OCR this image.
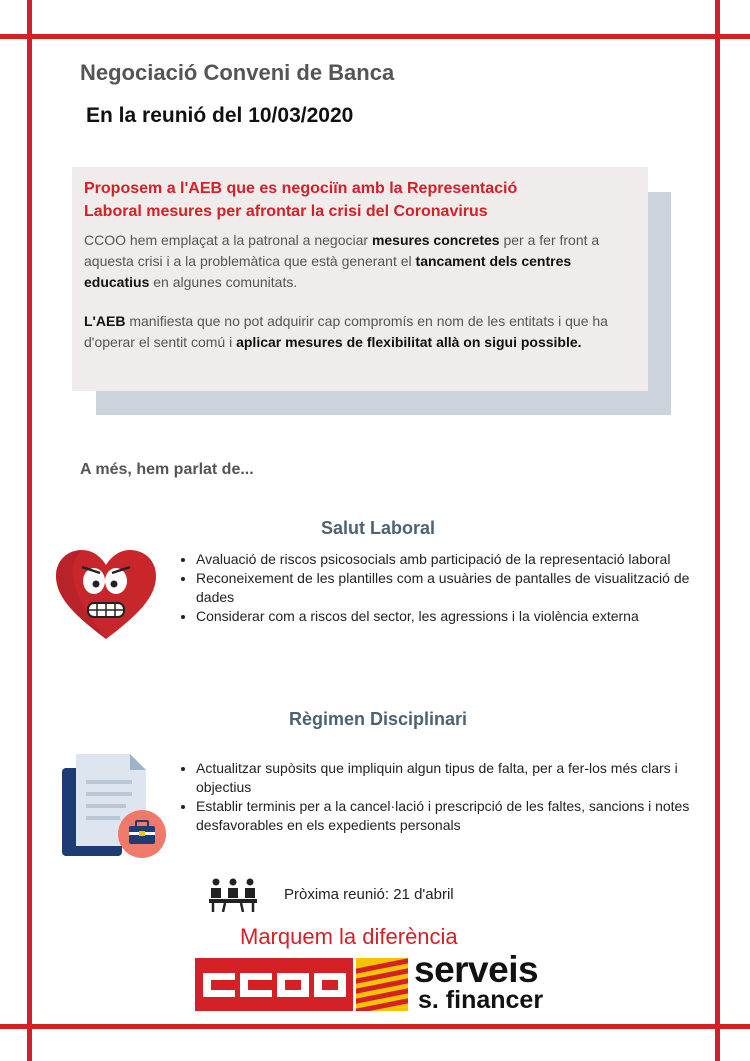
Negociació Conveni de Banca
En la reunió del 10/03/2020

Proposem a l'AEB que es negociïn amb la Representació
Laboral mesures per afrontar la crisi del Coronavirus

CCOO hem emplaçat a la patronal a negociar mesures concretes per a fer front a aquesta crisi i a la problemàtica que està generant el tancament dels centres educatius en algunes comunitats.

L'AEB manifiesta que no pot adquirir cap compromís en nom de les entitats i que ha d'operar el sentit comú i aplicar mesures de flexibilitat allà on sigui possible.

A més, hem parlat de...

Salut Laboral
• Avaluació de riscos psicosocials amb participació de la representació laboral
• Reconeixement de les plantilles com a usuàries de pantalles de visualització de dades
• Considerar com a riscos del sector, les agressions i la violència externa
Règimen Disciplinari
• Actualitzar supòsits que impliquin algun tipus de falta, per a fer-los més clars i objectius
• Establir terminis per a la cancel·lació i prescripció de les faltes, sancions i notes desfavorables en els expedients personals

Pròxima reunió: 21 d'abril

Marquem la diferència

serveis
s. financer
